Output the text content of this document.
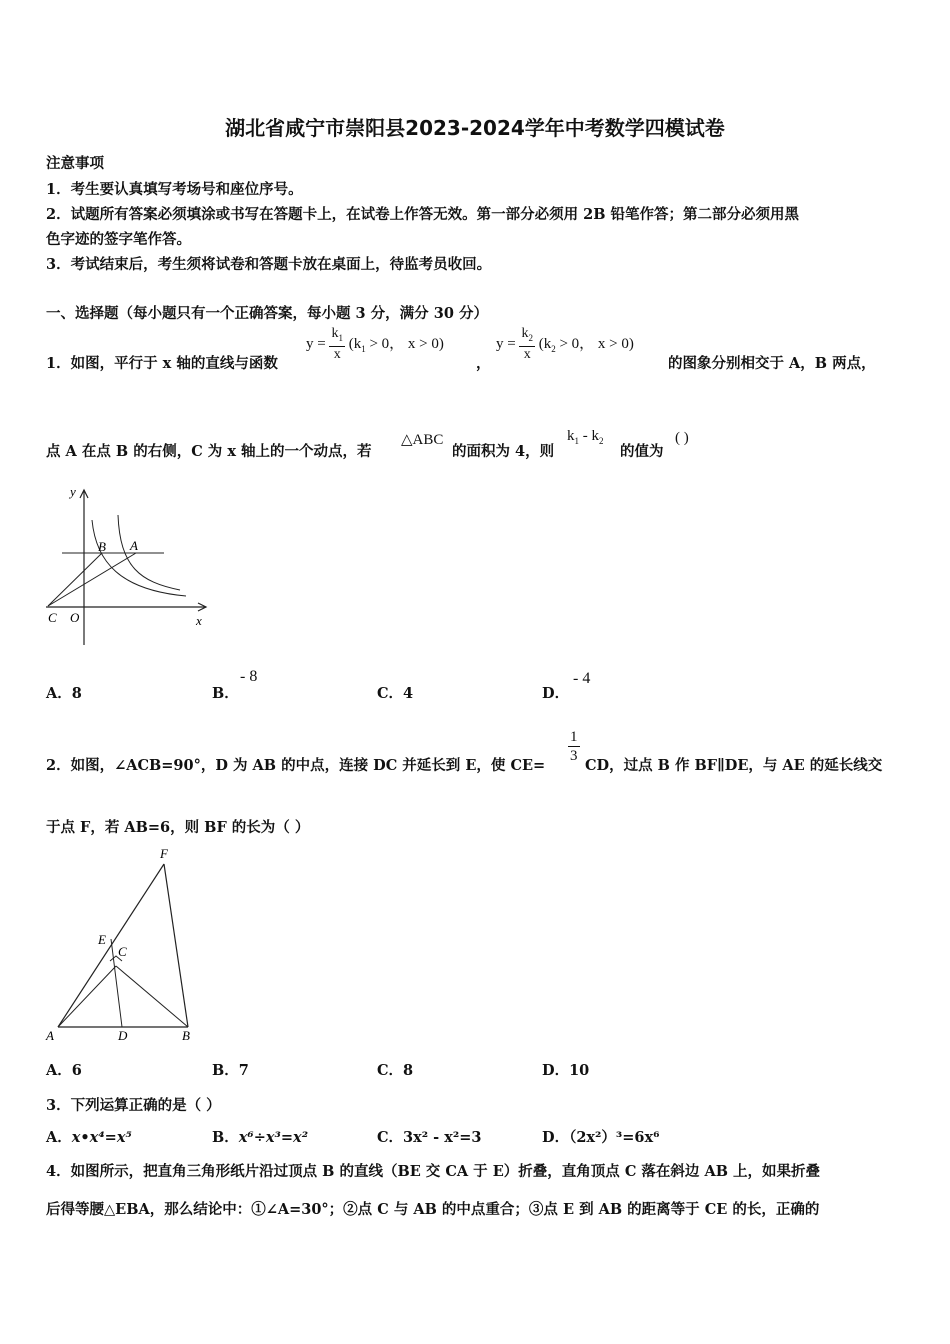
湖北省咸宁市崇阳县2023-2024学年中考数学四模试卷
注意事项
1．考生要认真填写考场号和座位序号。
2．试题所有答案必须填涂或书写在答题卡上，在试卷上作答无效。第一部分必须用 2B 铅笔作答；第二部分必须用黑
色字迹的签字笔作答。
3．考试结束后，考生须将试卷和答题卡放在桌面上，待监考员收回。
一、选择题（每小题只有一个正确答案，每小题 3 分，满分 30 分）
1．如图，平行于 x 轴的直线与函数
$y = \frac{k_1}{x} (k_1 > 0$， x > 0)
，
$y = \frac{k_2}{x} (k_2 > 0$， x > 0)
的图象分别相交于 A，B 两点，
点 A 在点 B 的右侧，C 为 x 轴上的一个动点，若
△ABC
的面积为 4，则
$k_1 - k_2$
的值为
( )
y
x
B A
C O
A．8	B．
- 8
C．4	D．
- 4
2．如图，∠ACB=90°，D 为 AB 的中点，连接 DC 并延长到 E，使 CE=
$\frac{1}{3}$
CD，过点 B 作 BF∥DE，与 AE 的延长线交
于点 F，若 AB=6，则 BF 的长为（ ）
F
E
C
A	D	B
A．6	B．7	C．8	D．10
3．下列运算正确的是（ ）
A．x•x⁴=x⁵	B．x⁶÷x³=x²	C．3x² - x²=3	D．（2x²）³=6x⁶
4．如图所示，把直角三角形纸片沿过顶点 B 的直线（BE 交 CA 于 E）折叠，直角顶点 C 落在斜边 AB 上，如果折叠
后得等腰△EBA，那么结论中：①∠A=30°；②点 C 与 AB 的中点重合；③点 E 到 AB 的距离等于 CE 的长，正确的
